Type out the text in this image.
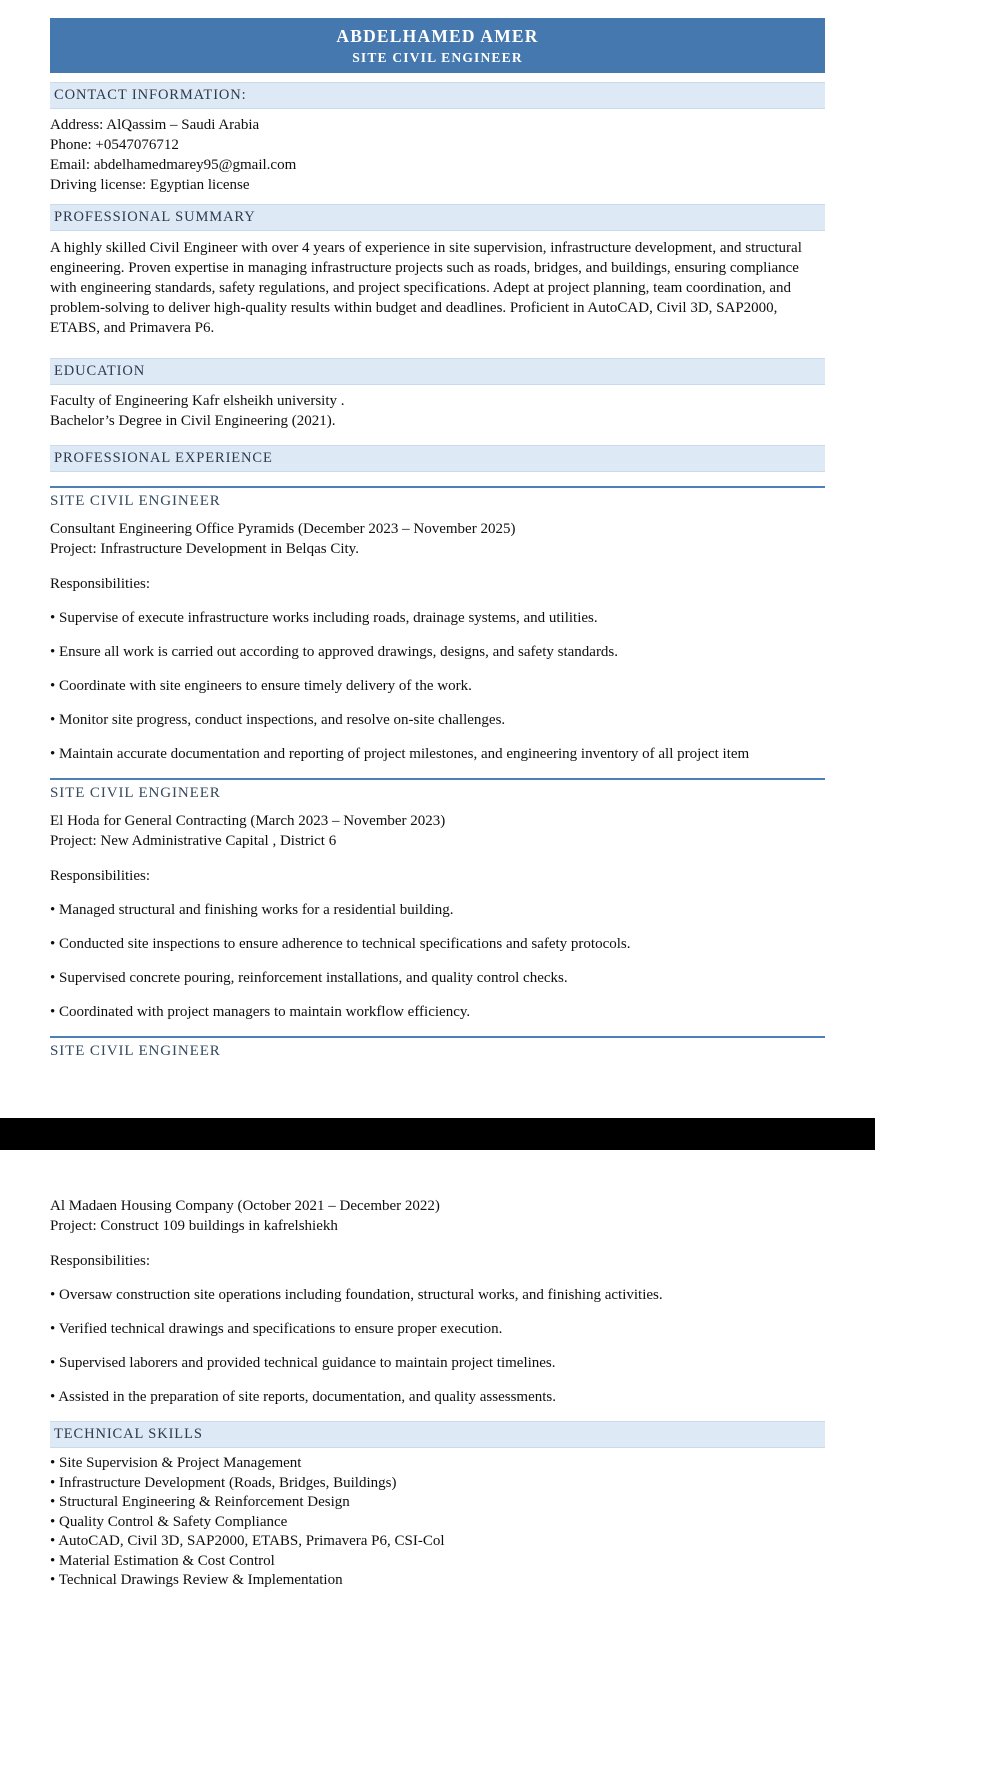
ABDELHAMED AMER
SITE CIVIL ENGINEER
CONTACT INFORMATION:

Address: AlQassim – Saudi Arabia

Phone: +0547076712

Email: abdelhamedmarey95@gmail.com

Driving license: Egyptian license

PROFESSIONAL SUMMARY

A highly skilled Civil Engineer with over 4 years of experience in site supervision, infrastructure development, and structural engineering. Proven expertise in managing infrastructure projects such as roads, bridges, and buildings, ensuring compliance with engineering standards, safety regulations, and project specifications. Adept at project planning, team coordination, and problem-solving to deliver high-quality results within budget and deadlines. Proficient in AutoCAD, Civil 3D, SAP2000, ETABS, and Primavera P6.

EDUCATION

Faculty of Engineering Kafr elsheikh university .

Bachelor’s Degree in Civil Engineering (2021).

PROFESSIONAL EXPERIENCE
SITE CIVIL ENGINEER

Consultant Engineering Office Pyramids (December 2023 – November 2025)

Project: Infrastructure Development in Belqas City.

Responsibilities:

• Supervise of execute infrastructure works including roads, drainage systems, and utilities.

• Ensure all work is carried out according to approved drawings, designs, and safety standards.

• Coordinate with site engineers to ensure timely delivery of the work.

• Monitor site progress, conduct inspections, and resolve on-site challenges.

• Maintain accurate documentation and reporting of project milestones, and engineering inventory of all project item

SITE CIVIL ENGINEER

El Hoda for General Contracting (March 2023 – November 2023)

Project: New Administrative Capital , District 6

Responsibilities:

• Managed structural and finishing works for a residential building.

• Conducted site inspections to ensure adherence to technical specifications and safety protocols.

• Supervised concrete pouring, reinforcement installations, and quality control checks.

• Coordinated with project managers to maintain workflow efficiency.

SITE CIVIL ENGINEER

Al Madaen Housing Company (October 2021 – December 2022)

Project: Construct 109 buildings in kafrelshiekh

Responsibilities:

• Oversaw construction site operations including foundation, structural works, and finishing activities.

• Verified technical drawings and specifications to ensure proper execution.

• Supervised laborers and provided technical guidance to maintain project timelines.

• Assisted in the preparation of site reports, documentation, and quality assessments.

TECHNICAL SKILLS

• Site Supervision & Project Management

• Infrastructure Development (Roads, Bridges, Buildings)

• Structural Engineering & Reinforcement Design

• Quality Control & Safety Compliance

• AutoCAD, Civil 3D, SAP2000, ETABS, Primavera P6, CSI-Col

• Material Estimation & Cost Control

• Technical Drawings Review & Implementation
